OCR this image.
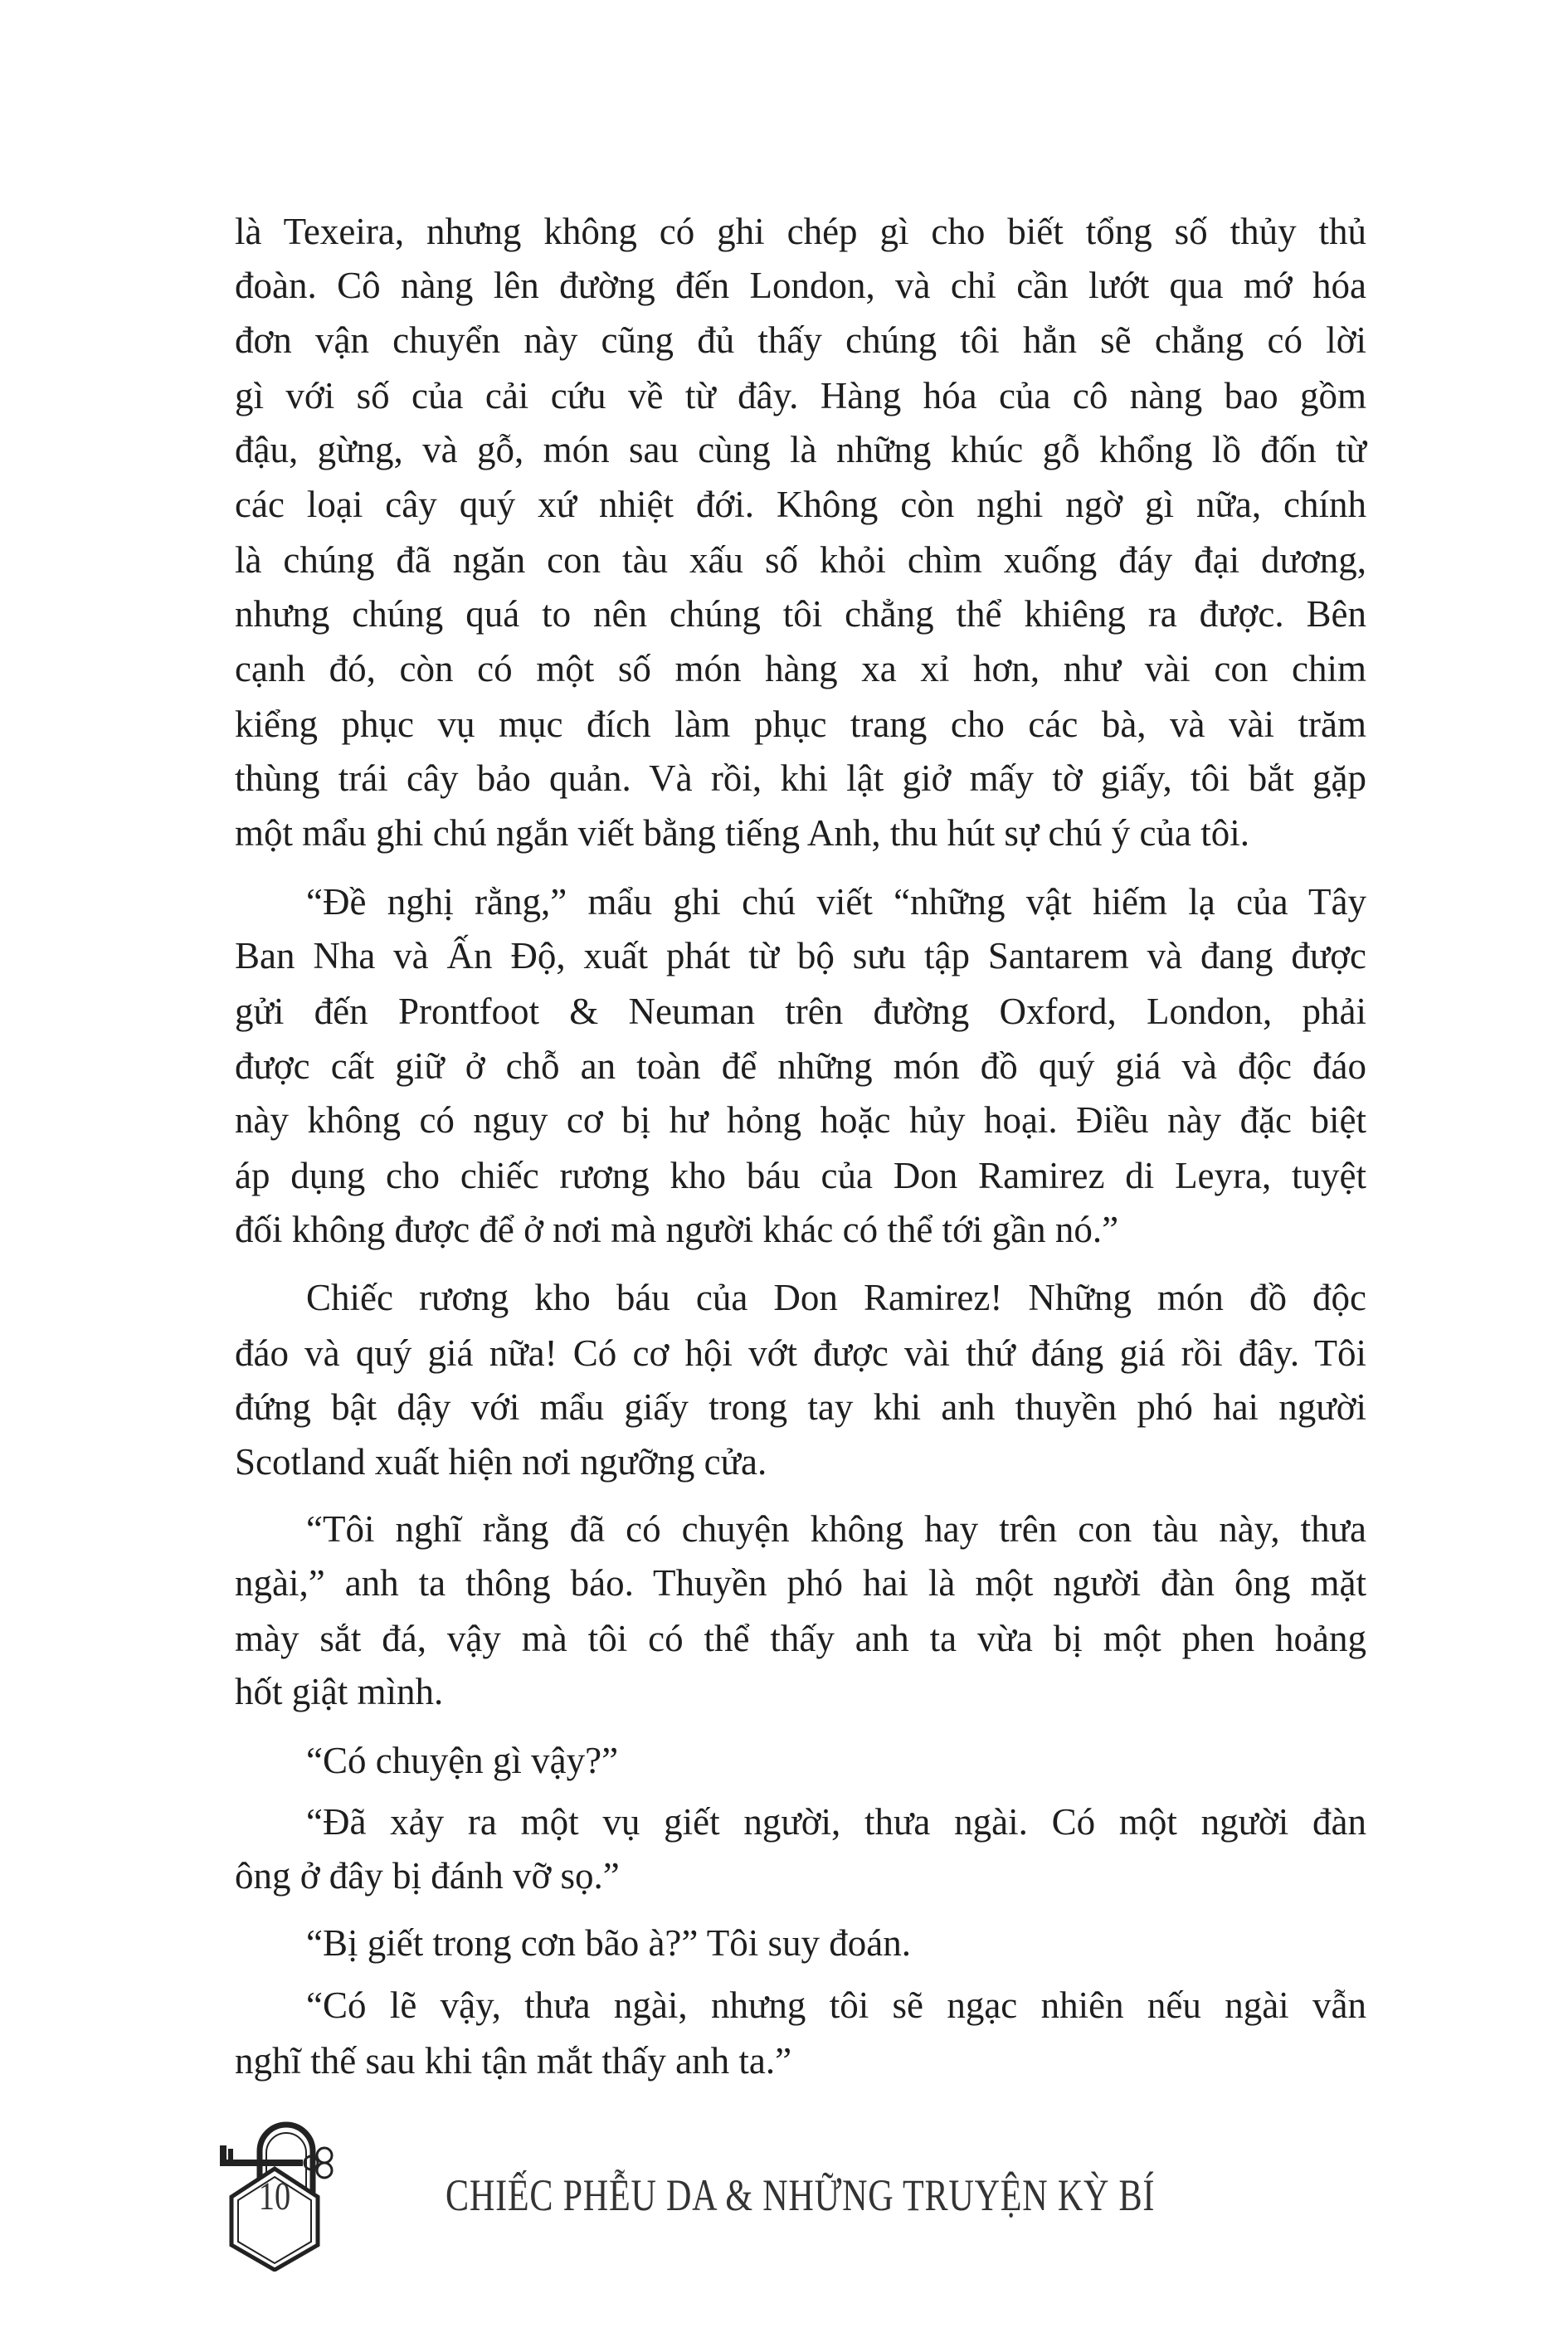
là Texeira, nhưng không có ghi chép gì cho biết tổng số thủy thủ
đoàn. Cô nàng lên đường đến London, và chỉ cần lướt qua mớ hóa
đơn vận chuyển này cũng đủ thấy chúng tôi hẳn sẽ chẳng có lời
gì với số của cải cứu về từ đây. Hàng hóa của cô nàng bao gồm
đậu, gừng, và gỗ, món sau cùng là những khúc gỗ khổng lồ đốn từ
các loại cây quý xứ nhiệt đới. Không còn nghi ngờ gì nữa, chính
là chúng đã ngăn con tàu xấu số khỏi chìm xuống đáy đại dương,
nhưng chúng quá to nên chúng tôi chẳng thể khiêng ra được. Bên
cạnh đó, còn có một số món hàng xa xỉ hơn, như vài con chim
kiểng phục vụ mục đích làm phục trang cho các bà, và vài trăm
thùng trái cây bảo quản. Và rồi, khi lật giở mấy tờ giấy, tôi bắt gặp
một mẩu ghi chú ngắn viết bằng tiếng Anh, thu hút sự chú ý của tôi.
“Đề nghị rằng,” mẩu ghi chú viết “những vật hiếm lạ của Tây
Ban Nha và Ấn Độ, xuất phát từ bộ sưu tập Santarem và đang được
gửi đến Prontfoot & Neuman trên đường Oxford, London, phải
được cất giữ ở chỗ an toàn để những món đồ quý giá và độc đáo
này không có nguy cơ bị hư hỏng hoặc hủy hoại. Điều này đặc biệt
áp dụng cho chiếc rương kho báu của Don Ramirez di Leyra, tuyệt
đối không được để ở nơi mà người khác có thể tới gần nó.”
Chiếc rương kho báu của Don Ramirez! Những món đồ độc
đáo và quý giá nữa! Có cơ hội vớt được vài thứ đáng giá rồi đây. Tôi
đứng bật dậy với mẩu giấy trong tay khi anh thuyền phó hai người
Scotland xuất hiện nơi ngưỡng cửa.
“Tôi nghĩ rằng đã có chuyện không hay trên con tàu này, thưa
ngài,” anh ta thông báo. Thuyền phó hai là một người đàn ông mặt
mày sắt đá, vậy mà tôi có thể thấy anh ta vừa bị một phen hoảng
hốt giật mình.
“Có chuyện gì vậy?”
“Đã xảy ra một vụ giết người, thưa ngài. Có một người đàn
ông ở đây bị đánh vỡ sọ.”
“Bị giết trong cơn bão à?” Tôi suy đoán.
“Có lẽ vậy, thưa ngài, nhưng tôi sẽ ngạc nhiên nếu ngài vẫn
nghĩ thế sau khi tận mắt thấy anh ta.”
10	CHIẾC PHỄU DA & NHỮNG TRUYỆN KỲ BÍ
